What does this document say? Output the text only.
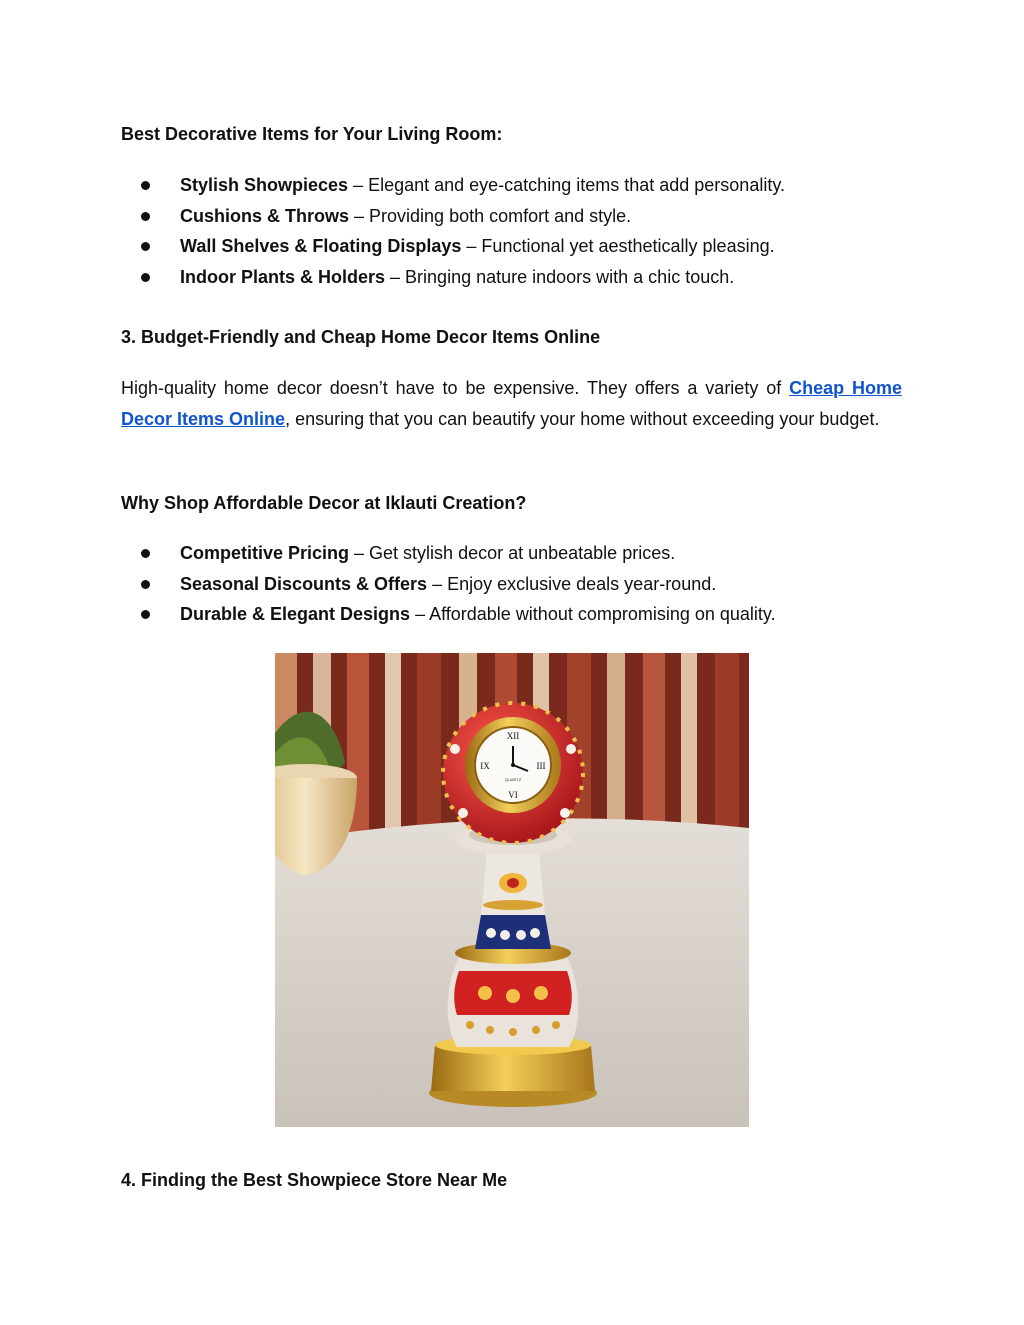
Best Decorative Items for Your Living Room:
Stylish Showpieces – Elegant and eye-catching items that add personality.
Cushions & Throws – Providing both comfort and style.
Wall Shelves & Floating Displays – Functional yet aesthetically pleasing.
Indoor Plants & Holders – Bringing nature indoors with a chic touch.
3. Budget-Friendly and Cheap Home Decor Items Online

High-quality home decor doesn’t have to be expensive. They offers a variety of Cheap Home Decor Items Online, ensuring that you can beautify your home without exceeding your budget.

Why Shop Affordable Decor at Iklauti Creation?
Competitive Pricing – Get stylish decor at unbeatable prices.
Seasonal Discounts & Offers – Enjoy exclusive deals year-round.
Durable & Elegant Designs – Affordable without compromising on quality.
XII
III
VI
IX
QUARTZ
4. Finding the Best Showpiece Store Near Me
